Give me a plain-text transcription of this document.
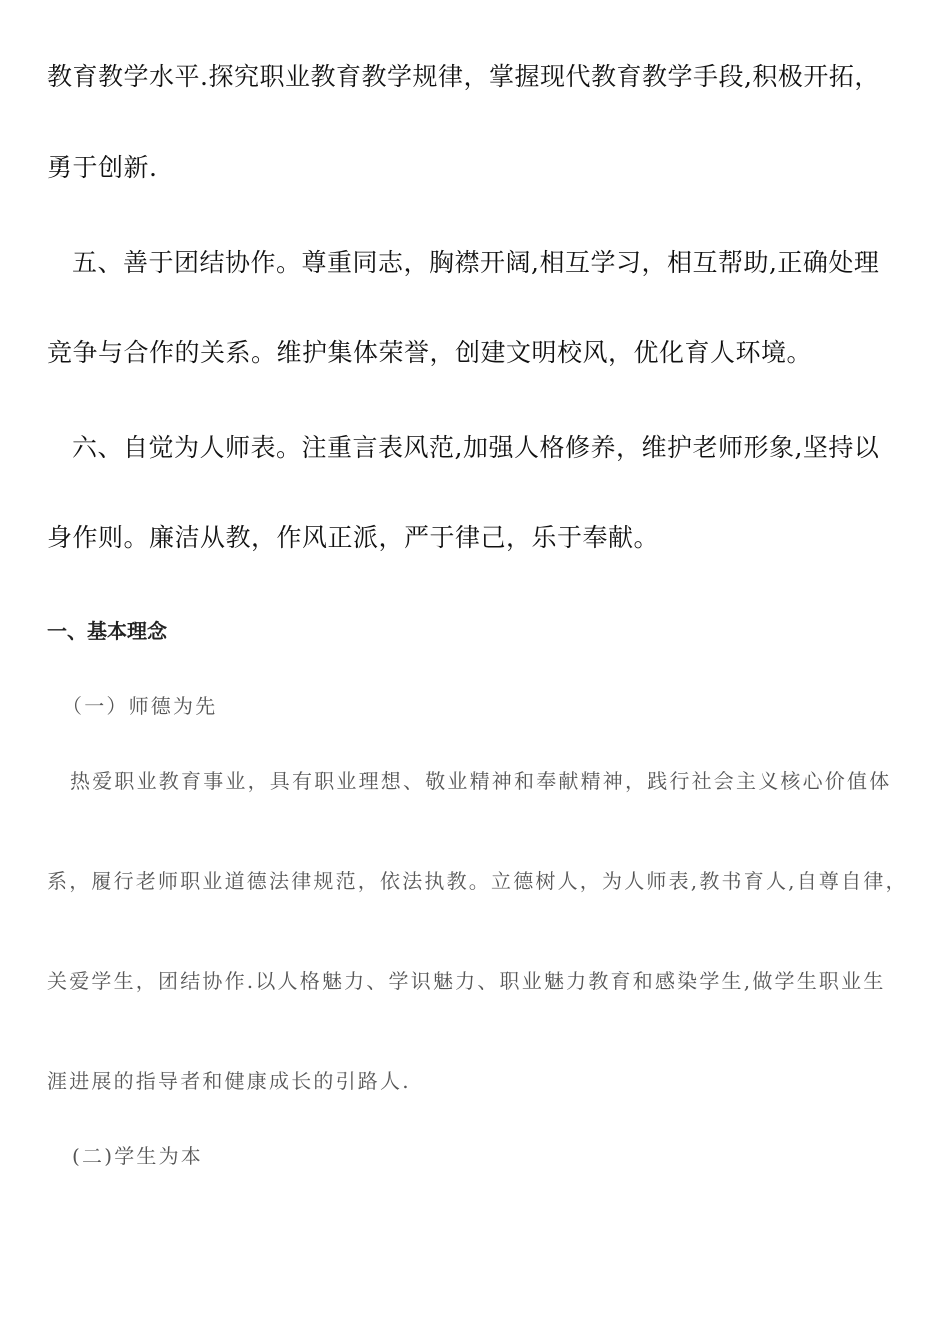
教育教学水平.探究职业教育教学规律，掌握现代教育教学手段,积极开拓，
勇于创新.
五、善于团结协作。尊重同志，胸襟开阔,相互学习，相互帮助,正确处理
竞争与合作的关系。维护集体荣誉，创建文明校风，优化育人环境。
六、自觉为人师表。注重言表风范,加强人格修养，维护老师形象,坚持以
身作则。廉洁从教，作风正派，严于律己，乐于奉献。
一、基本理念
（一）师德为先
热爱职业教育事业，具有职业理想、敬业精神和奉献精神，践行社会主义核心价值体
系，履行老师职业道德法律规范，依法执教。立德树人，为人师表,教书育人,自尊自律，
关爱学生，团结协作.以人格魅力、学识魅力、职业魅力教育和感染学生,做学生职业生
涯进展的指导者和健康成长的引路人.
(二)学生为本
